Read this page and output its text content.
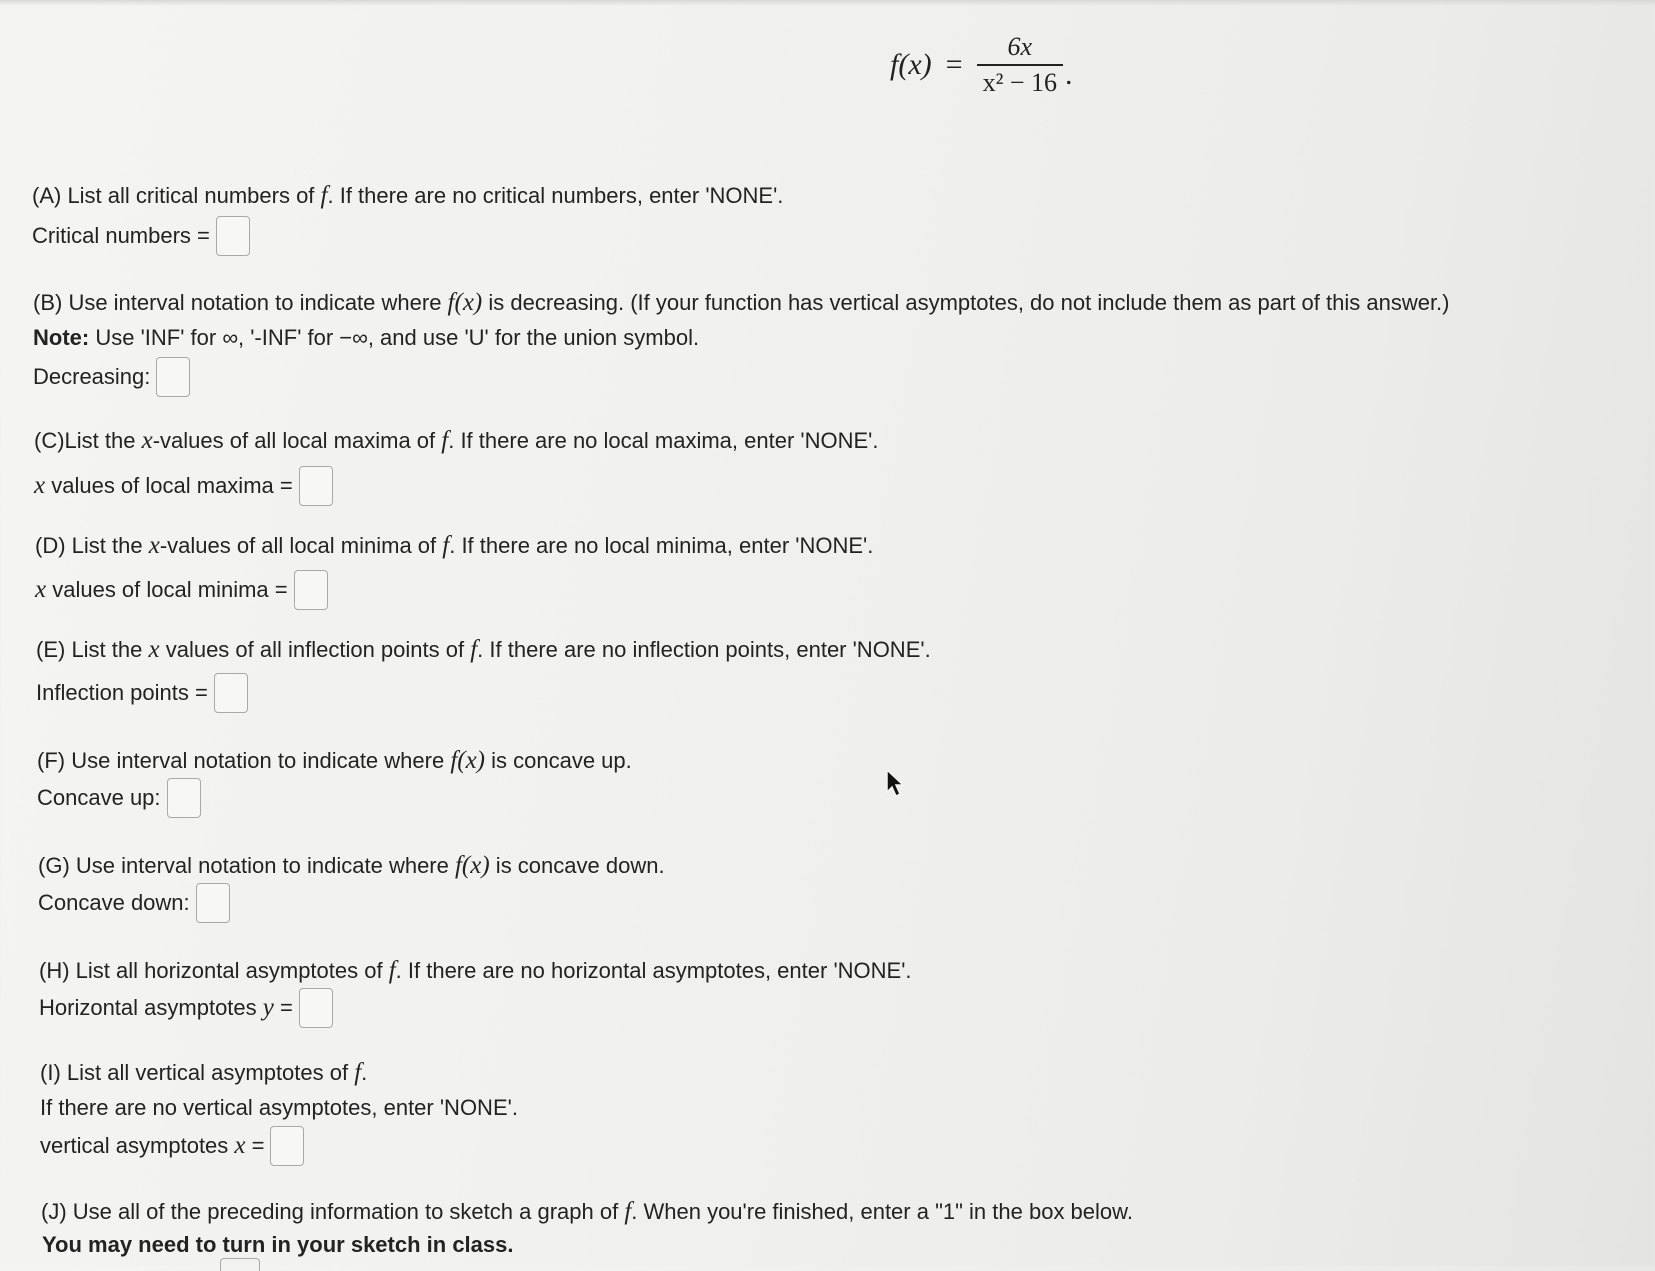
$f(x) = \frac{6x}{\text{x² − 16}}$ .
(A) List all critical numbers of f. If there are no critical numbers, enter 'NONE'.
Critical numbers =
(B) Use interval notation to indicate where f(x) is decreasing. (If your function has vertical asymptotes, do not include them as part of this answer.)
Note: Use 'INF' for ∞, '-INF' for −∞, and use 'U' for the union symbol.
Decreasing:
(C)List the x-values of all local maxima of f. If there are no local maxima, enter 'NONE'.
x values of local maxima =
(D) List the x-values of all local minima of f. If there are no local minima, enter 'NONE'.
x values of local minima =
(E) List the x values of all inflection points of f. If there are no inflection points, enter 'NONE'.
Inflection points =
(F) Use interval notation to indicate where f(x) is concave up.
Concave up:
(G) Use interval notation to indicate where f(x) is concave down.
Concave down:
(H) List all horizontal asymptotes of f. If there are no horizontal asymptotes, enter 'NONE'.
Horizontal asymptotes y =
(I) List all vertical asymptotes of f.
If there are no vertical asymptotes, enter 'NONE'.
vertical asymptotes x =
(J) Use all of the preceding information to sketch a graph of f. When you're finished, enter a "1" in the box below.
You may need to turn in your sketch in class.
